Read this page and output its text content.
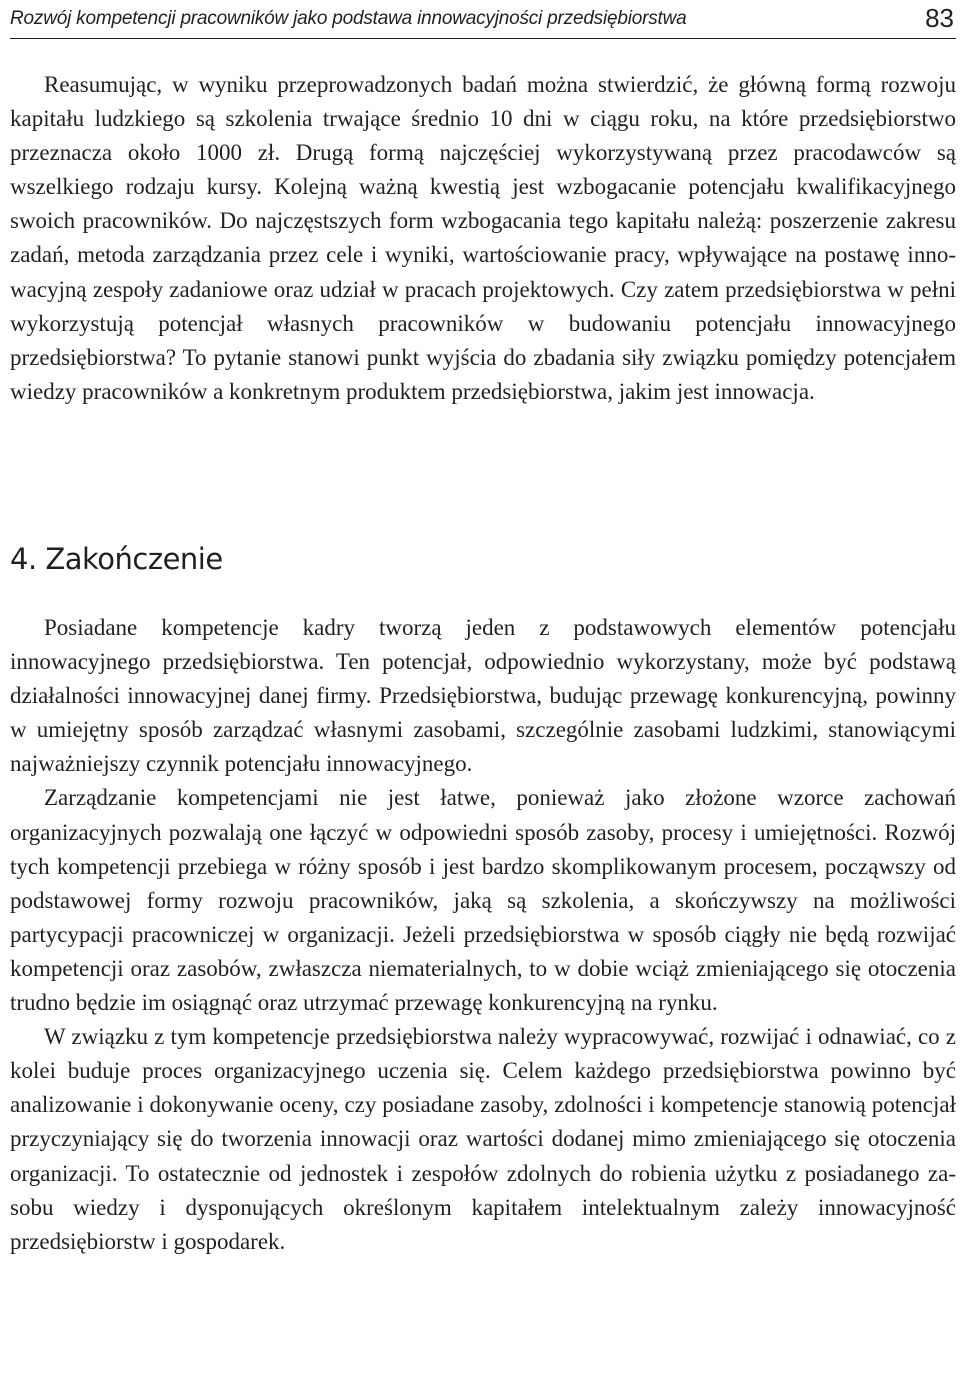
Rozwój kompetencji pracowników jako podstawa innowacyjności przedsiębiorstwa	83

Reasumując, w wyniku przeprowadzonych badań można stwierdzić, że główną formą rozwoju kapitału ludzkiego są szkolenia trwające średnio 10 dni w ciągu roku, na które przedsiębiorstwo przeznacza około 1000 zł. Drugą formą najczęściej wykorzystywaną przez pracodawców są wszelkiego rodzaju kursy. Kolejną ważną kwestią jest wzbogacanie potencjału kwalifikacyjnego swoich pracowników. Do najczęstszych form wzbogacania tego kapitału należą: poszerzenie zakresu zadań, metoda zarządzania przez cele i wyniki, wartościowanie pracy, wpływające na postawę innowacyjną zespoły zadaniowe oraz udział w pracach projektowych. Czy zatem przedsiębiorstwa w pełni wykorzystują potencjał własnych pracowników w budowaniu potencjału innowacyjnego przedsiębiorstwa? To pytanie stanowi punkt wyjścia do zbadania siły związku pomiędzy potencjałem wiedzy pracowników a konkretnym produktem przedsiębiorstwa, jakim jest innowacja.

4. Zakończenie

Posiadane kompetencje kadry tworzą jeden z podstawowych elementów potencjału innowacyjnego przedsiębiorstwa. Ten potencjał, odpowiednio wykorzystany, może być podstawą działalności innowacyjnej danej firmy. Przedsiębiorstwa, budując przewagę konkurencyjną, powinny w umiejętny sposób zarządzać własnymi zasobami, szczególnie zasobami ludzkimi, stanowiącymi najważniejszy czynnik potencjału innowacyjnego.

Zarządzanie kompetencjami nie jest łatwe, ponieważ jako złożone wzorce zachowań organizacyjnych pozwalają one łączyć w odpowiedni sposób zasoby, procesy i umiejętności. Rozwój tych kompetencji przebiega w różny sposób i jest bardzo skomplikowanym procesem, począwszy od podstawowej formy rozwoju pracowników, jaką są szkolenia, a skończywszy na możliwości partycypacji pracowniczej w organizacji. Jeżeli przedsiębiorstwa w sposób ciągły nie będą rozwijać kompetencji oraz zasobów, zwłaszcza niematerialnych, to w dobie wciąż zmieniającego się otoczenia trudno będzie im osiągnąć oraz utrzymać przewagę konkurencyjną na rynku.

W związku z tym kompetencje przedsiębiorstwa należy wypracowywać, rozwijać i odnawiać, co z kolei buduje proces organizacyjnego uczenia się. Celem każdego przedsiębiorstwa powinno być analizowanie i dokonywanie oceny, czy posiadane zasoby, zdolności i kompetencje stanowią potencjał przyczyniający się do tworzenia innowacji oraz wartości dodanej mimo zmieniającego się otoczenia organizacji. To ostatecznie od jednostek i zespołów zdolnych do robienia użytku z posiadanego zasobu wiedzy i dysponujących określonym kapitałem intelektualnym zależy innowacyjność przedsiębiorstw i gospodarek.
